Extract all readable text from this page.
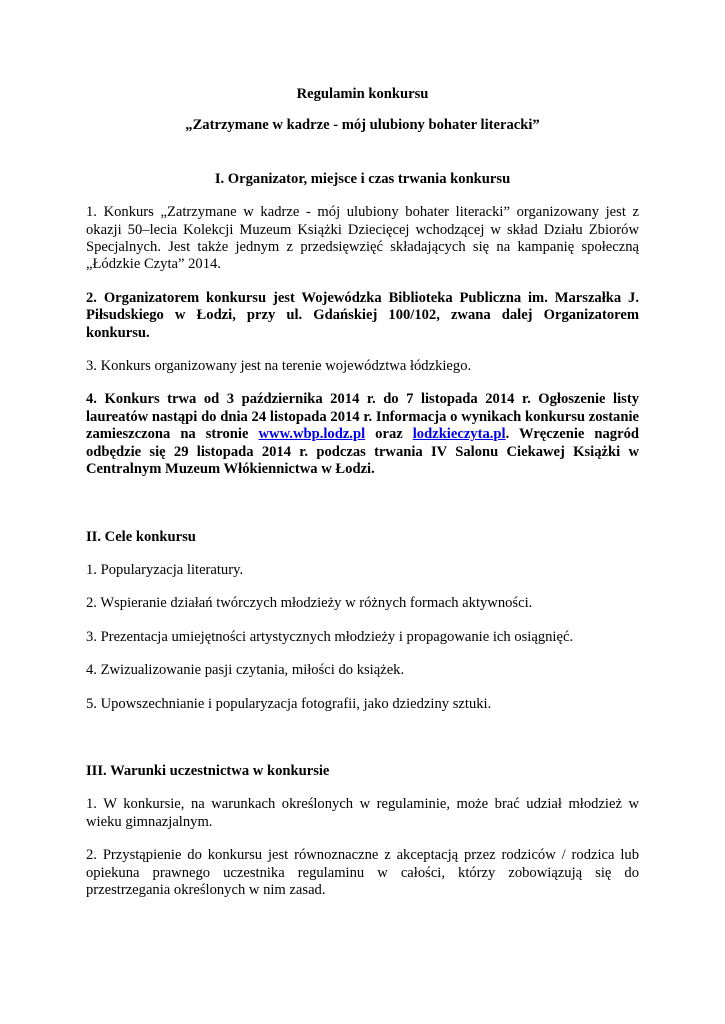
Regulamin konkursu
„Zatrzymane w kadrze - mój ulubiony bohater literacki”
I. Organizator, miejsce i czas trwania konkursu

1. Konkurs „Zatrzymane w kadrze - mój ulubiony bohater literacki” organizowany jest z okazji 50–lecia Kolekcji Muzeum Książki Dziecięcej wchodzącej w skład Działu Zbiorów Specjalnych. Jest także jednym z przedsięwzięć składających się na kampanię społeczną „Łódzkie Czyta” 2014.

2. Organizatorem konkursu jest Wojewódzka Biblioteka Publiczna im. Marszałka J. Piłsudskiego w Łodzi, przy ul. Gdańskiej 100/102, zwana dalej Organizatorem konkursu.

3. Konkurs organizowany jest na terenie województwa łódzkiego.

4. Konkurs trwa od 3 października 2014 r. do 7 listopada 2014 r. Ogłoszenie listy laureatów nastąpi do dnia 24 listopada 2014 r. Informacja o wynikach konkursu zostanie zamieszczona na stronie www.wbp.lodz.pl oraz lodzkieczyta.pl. Wręczenie nagród odbędzie się 29 listopada 2014 r. podczas trwania IV Salonu Ciekawej Książki w Centralnym Muzeum Włókiennictwa w Łodzi.

II. Cele konkursu

1. Popularyzacja literatury.

2. Wspieranie działań twórczych młodzieży w różnych formach aktywności.

3. Prezentacja umiejętności artystycznych młodzieży i propagowanie ich osiągnięć.

4. Zwizualizowanie pasji czytania, miłości do książek.

5. Upowszechnianie i popularyzacja fotografii, jako dziedziny sztuki.

III. Warunki uczestnictwa w konkursie

1. W konkursie, na warunkach określonych w regulaminie, może brać udział młodzież w wieku gimnazjalnym.

2. Przystąpienie do konkursu jest równoznaczne z akceptacją przez rodziców / rodzica lub opiekuna prawnego uczestnika regulaminu w całości, którzy zobowiązują się do przestrzegania określonych w nim zasad.
